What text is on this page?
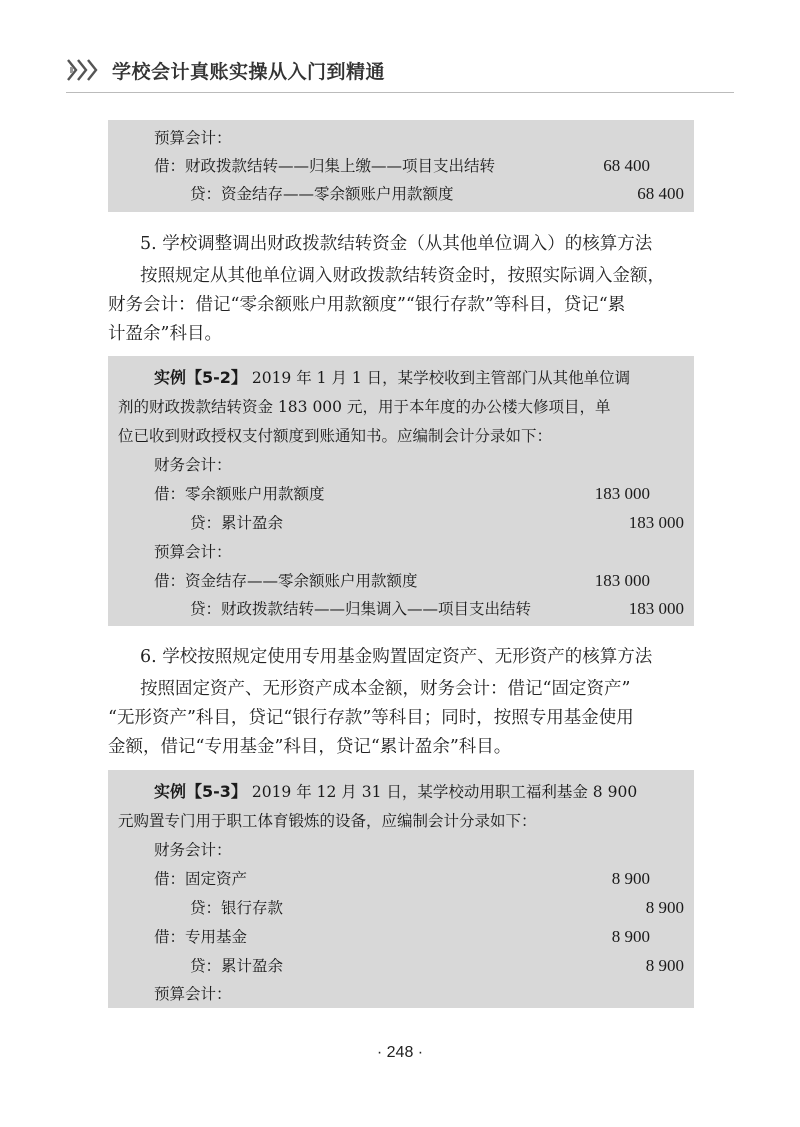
学校会计真账实操从入门到精通
预算会计：
借：财政拨款结转——归集上缴——项目支出结转	68 400
贷：资金结存——零余额账户用款额度	68 400
5. 学校调整调出财政拨款结转资金（从其他单位调入）的核算方法
按照规定从其他单位调入财政拨款结转资金时，按照实际调入金额，
财务会计：借记“零余额账户用款额度”“银行存款”等科目，贷记“累
计盈余”科目。
实例【5-2】 2019 年 1 月 1 日，某学校收到主管部门从其他单位调
剂的财政拨款结转资金 183 000 元，用于本年度的办公楼大修项目，单
位已收到财政授权支付额度到账通知书。应编制会计分录如下：
财务会计：
借：零余额账户用款额度	183 000
贷：累计盈余	183 000
预算会计：
借：资金结存——零余额账户用款额度	183 000
贷：财政拨款结转——归集调入——项目支出结转	183 000
6. 学校按照规定使用专用基金购置固定资产、无形资产的核算方法
按照固定资产、无形资产成本金额，财务会计：借记“固定资产”
“无形资产”科目，贷记“银行存款”等科目；同时，按照专用基金使用
金额，借记“专用基金”科目，贷记“累计盈余”科目。
实例【5-3】 2019 年 12 月 31 日，某学校动用职工福利基金 8 900
元购置专门用于职工体育锻炼的设备，应编制会计分录如下：
财务会计：
借：固定资产	8 900
贷：银行存款	8 900
借：专用基金	8 900
贷：累计盈余	8 900
预算会计：
· 248 ·
